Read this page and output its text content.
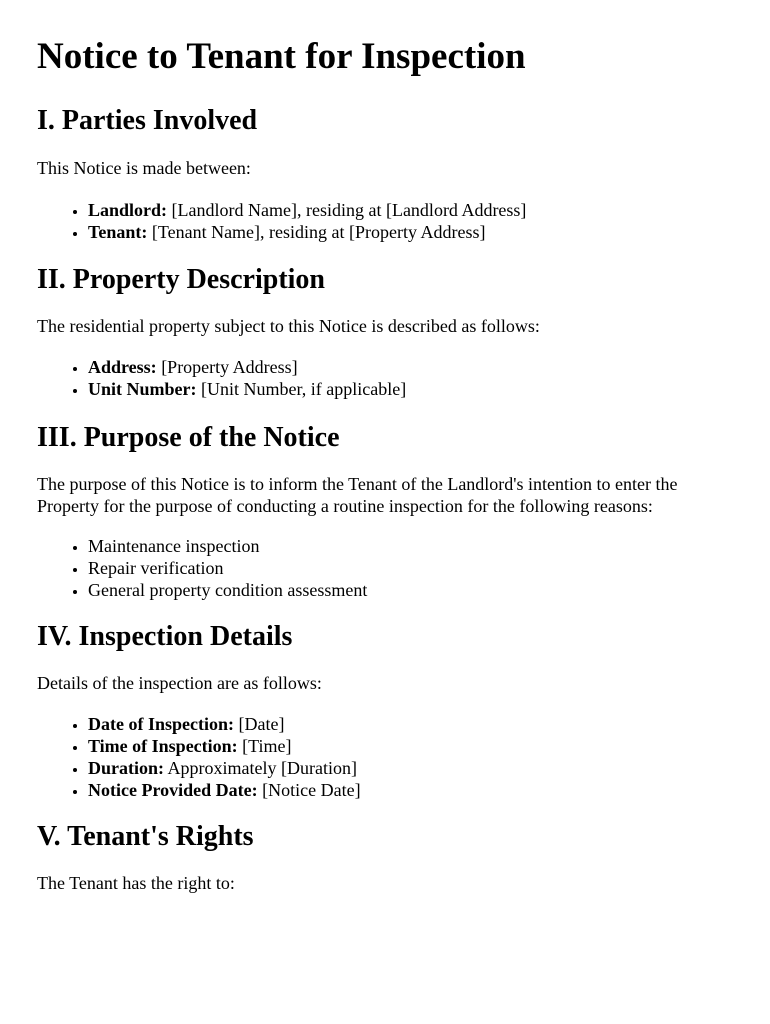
Notice to Tenant for Inspection
I. Parties Involved

This Notice is made between:

• Landlord: [Landlord Name], residing at [Landlord Address]
• Tenant: [Tenant Name], residing at [Property Address]
II. Property Description

The residential property subject to this Notice is described as follows:

• Address: [Property Address]
• Unit Number: [Unit Number, if applicable]
III. Purpose of the Notice

The purpose of this Notice is to inform the Tenant of the Landlord's intention to enter the Property for the purpose of conducting a routine inspection for the following reasons:

• Maintenance inspection
• Repair verification
• General property condition assessment
IV. Inspection Details

Details of the inspection are as follows:

• Date of Inspection: [Date]
• Time of Inspection: [Time]
• Duration: Approximately [Duration]
• Notice Provided Date: [Notice Date]
V. Tenant's Rights

The Tenant has the right to:
